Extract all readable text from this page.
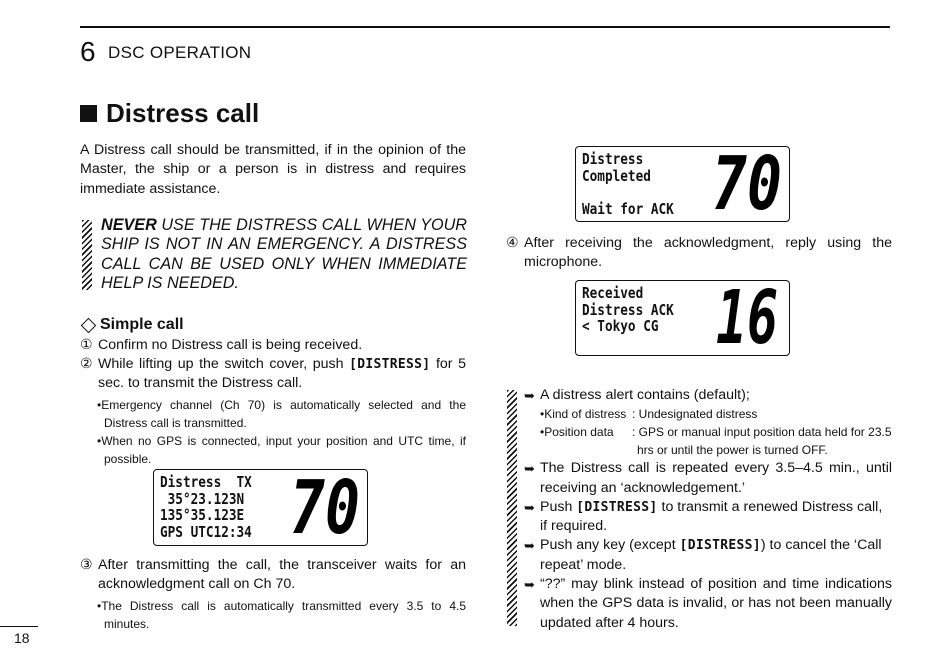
6 DSC OPERATION
Distress call

A Distress call should be transmitted, if in the opinion of the Master, the ship or a person is in distress and requires immediate assistance.

NEVER USE THE DISTRESS CALL WHEN YOUR SHIP IS NOT IN AN EMERGENCY. A DISTRESS CALL CAN BE USED ONLY WHEN IMMEDIATE HELP IS NEEDED.

Simple call
① Confirm no Distress call is being received.
② While lifting up the switch cover, push [DISTRESS] for 5 sec. to transmit the Distress call.
•Emergency channel (Ch 70) is automatically selected and the Distress call is transmitted.
•When no GPS is connected, input your position and UTC time, if possible.
Distress  TX
35°23.123N
135°35.123E
GPS UTC12:34 70
③ After transmitting the call, the transceiver waits for an acknowledgment call on Ch 70.
•The Distress call is automatically transmitted every 3.5 to 4.5 minutes.
Distress
Completed

Wait for ACK 70
④ After receiving the acknowledgment, reply using the microphone.
Received
Distress ACK
< Tokyo CG 16
➥ A distress alert contains (default);
•Kind of distress : Undesignated distress
•Position data : GPS or manual input position data held for 23.5 hrs or until the power is turned OFF.
➥ The Distress call is repeated every 3.5–4.5 min., until receiving an ‘acknowledgement.’
➥ Push [DISTRESS] to transmit a renewed Distress call, if required.
➥ Push any key (except [DISTRESS]) to cancel the ‘Call repeat’ mode.
➥ “??” may blink instead of position and time indications when the GPS data is invalid, or has not been manually updated after 4 hours.
18
